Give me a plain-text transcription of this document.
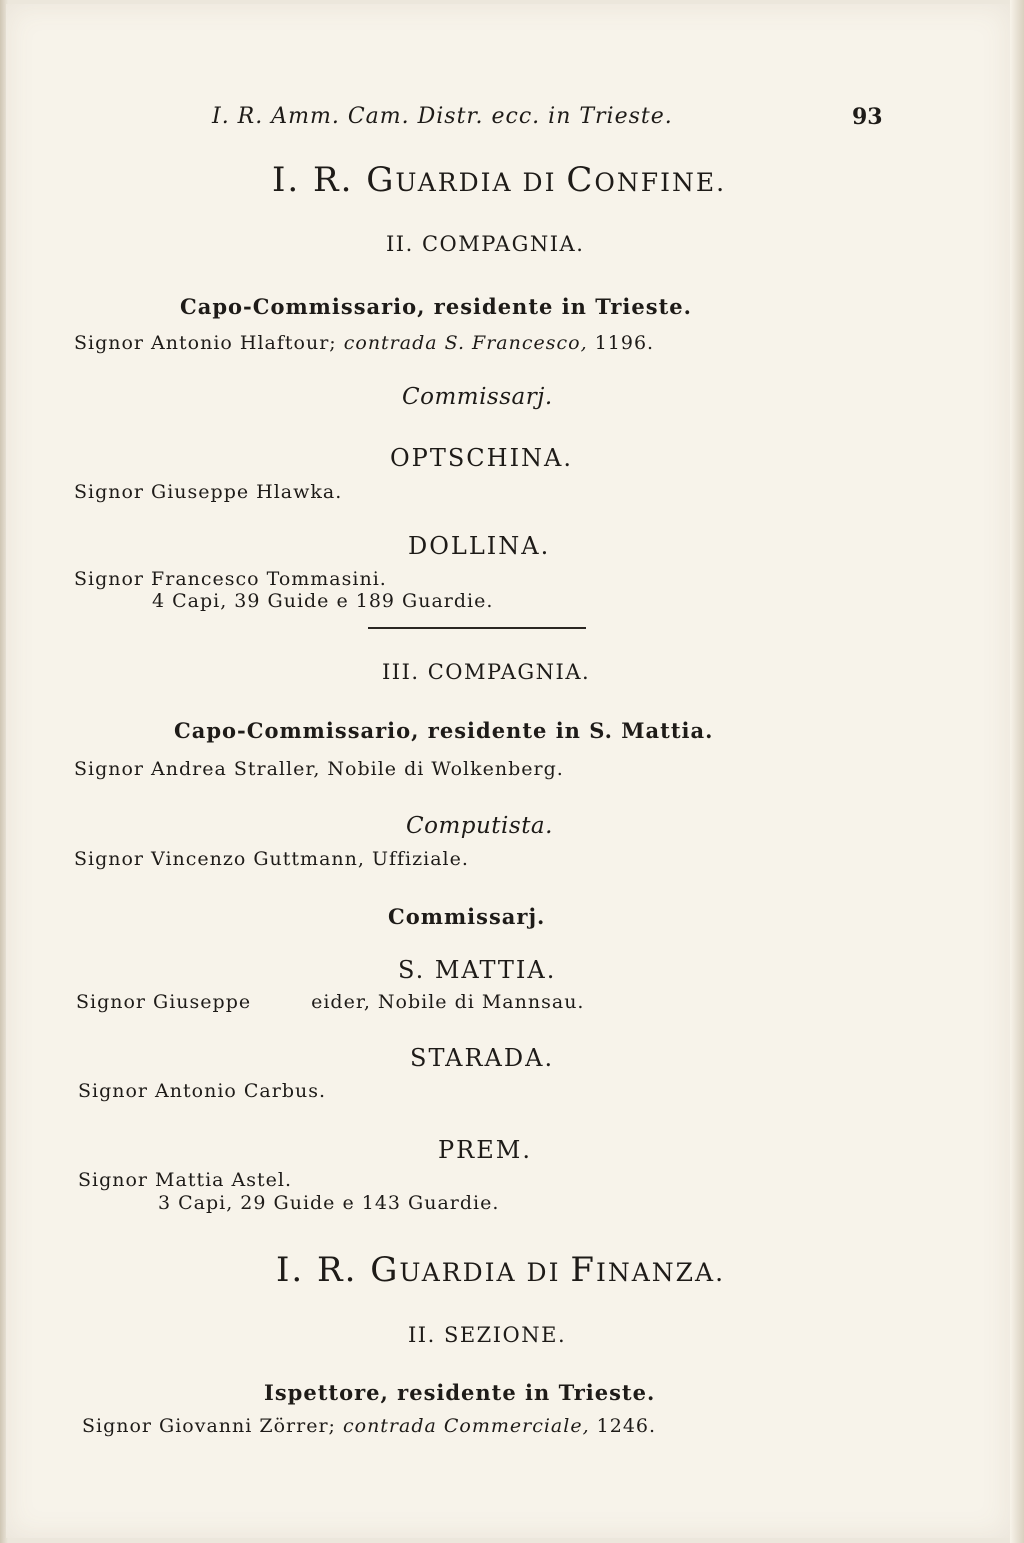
I. R. Amm. Cam. Distr. ecc. in Trieste.	93
I. R. GUARDIA DI CONFINE.
II. COMPAGNIA.
Capo-Commissario, residente in Trieste.
Signor Antonio Hlaftour; contrada S. Francesco, 1196.
Commissarj.
OPTSCHINA.
Signor Giuseppe Hlawka.
DOLLINA.
Signor Francesco Tommasini.
4 Capi, 39 Guide e 189 Guardie.
III. COMPAGNIA.
Capo-Commissario, residente in S. Mattia.
Signor Andrea Straller, Nobile di Wolkenberg.
Computista.
Signor Vincenzo Guttmann, Uffiziale.
Commissarj.
S. MATTIA.
Signor Giuseppe	eider, Nobile di Mannsau.
STARADA.
Signor Antonio Carbus.
PREM.
Signor Mattia Astel.
3 Capi, 29 Guide e 143 Guardie.
I. R. GUARDIA DI FINANZA.
II. SEZIONE.
Ispettore, residente in Trieste.
Signor Giovanni Zörrer; contrada Commerciale, 1246.
